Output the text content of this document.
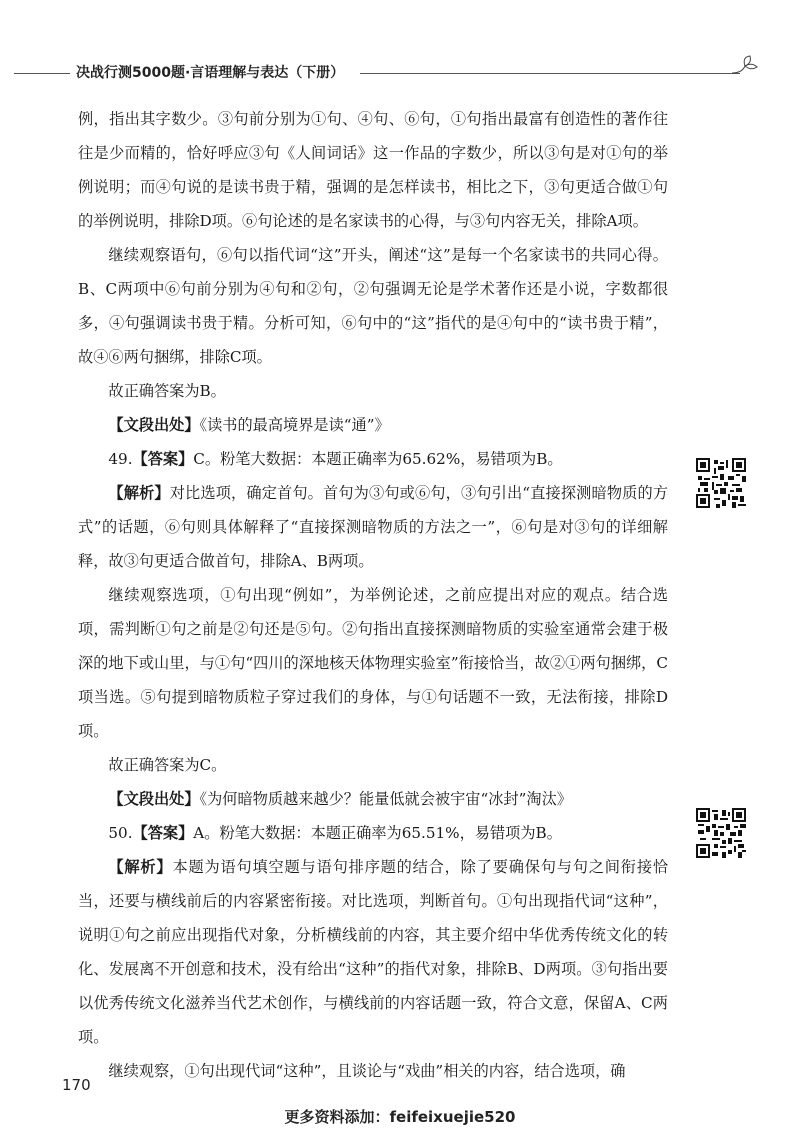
决战行测5000题·言语理解与表达（下册）

例，指出其字数少。③句前分别为①句、④句、⑥句，①句指出最富有创造性的著作往往是少而精的，恰好呼应③句《人间词话》这一作品的字数少，所以③句是对①句的举例说明；而④句说的是读书贵于精，强调的是怎样读书，相比之下，③句更适合做①句的举例说明，排除D项。⑥句论述的是名家读书的心得，与③句内容无关，排除A项。

继续观察语句，⑥句以指代词“这”开头，阐述“这”是每一个名家读书的共同心得。B、C两项中⑥句前分别为④句和②句，②句强调无论是学术著作还是小说，字数都很多，④句强调读书贵于精。分析可知，⑥句中的“这”指代的是④句中的“读书贵于精”，故④⑥两句捆绑，排除C项。

故正确答案为B。

【文段出处】《读书的最高境界是读“通”》

49.【答案】C。粉笔大数据：本题正确率为65.62%，易错项为B。

【解析】对比选项，确定首句。首句为③句或⑥句，③句引出“直接探测暗物质的方式”的话题，⑥句则具体解释了“直接探测暗物质的方法之一”，⑥句是对③句的详细解释，故③句更适合做首句，排除A、B两项。

继续观察选项，①句出现“例如”，为举例论述，之前应提出对应的观点。结合选项，需判断①句之前是②句还是⑤句。②句指出直接探测暗物质的实验室通常会建于极深的地下或山里，与①句“四川的深地核天体物理实验室”衔接恰当，故②①两句捆绑，C项当选。⑤句提到暗物质粒子穿过我们的身体，与①句话题不一致，无法衔接，排除D项。

故正确答案为C。

【文段出处】《为何暗物质越来越少？能量低就会被宇宙“冰封”淘汰》

50.【答案】A。粉笔大数据：本题正确率为65.51%，易错项为B。

【解析】本题为语句填空题与语句排序题的结合，除了要确保句与句之间衔接恰当，还要与横线前后的内容紧密衔接。对比选项，判断首句。①句出现指代词“这种”，说明①句之前应出现指代对象，分析横线前的内容，其主要介绍中华优秀传统文化的转化、发展离不开创意和技术，没有给出“这种”的指代对象，排除B、D两项。③句指出要以优秀传统文化滋养当代艺术创作，与横线前的内容话题一致，符合文意，保留A、C两项。

继续观察，①句出现代词“这种”，且谈论与“戏曲”相关的内容，结合选项，确

170
更多资料添加：feifeixuejie520
